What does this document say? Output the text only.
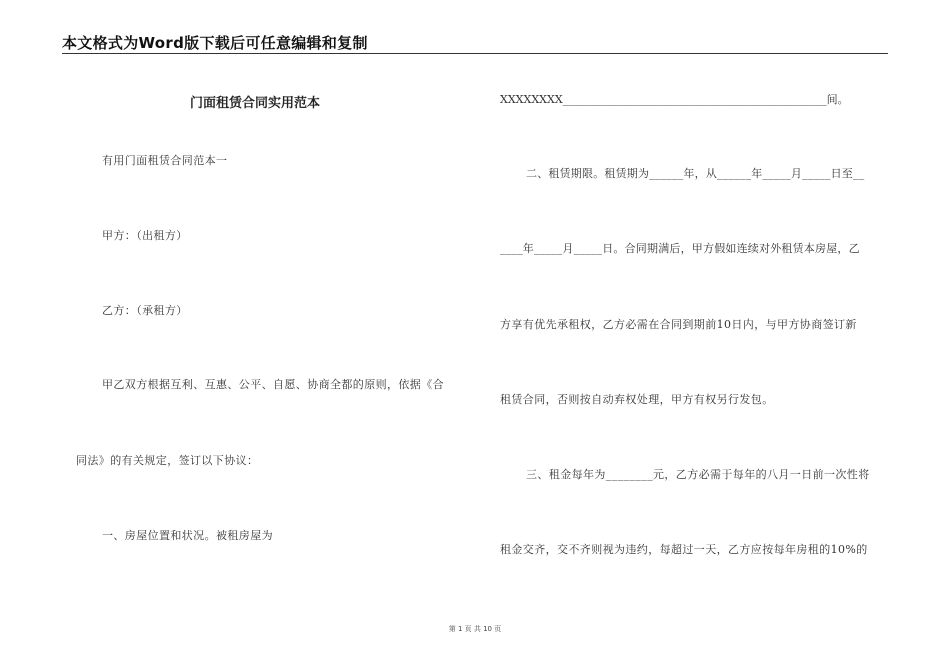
本文格式为Word版下载后可任意编辑和复制
门面租赁合同实用范本
有用门面租赁合同范本一
甲方：（出租方）
乙方：（承租方）
甲乙双方根据互利、互惠、公平、自愿、协商全都的原则，依据《合
同法》的有关规定，签订以下协议：
一、房屋位置和状况。被租房屋为
XXXXXXXX________________________________________________间。
二、租赁期限。租赁期为______年，从______年_____月_____日至__
____年_____月_____日。合同期满后，甲方假如连续对外租赁本房屋，乙
方享有优先承租权，乙方必需在合同到期前10日内，与甲方协商签订新
租赁合同，否则按自动弃权处理，甲方有权另行发包。
三、租金每年为________元，乙方必需于每年的八月一日前一次性将
租金交齐，交不齐则视为违约，每超过一天，乙方应按每年房租的10%的
第 1 页 共 10 页
